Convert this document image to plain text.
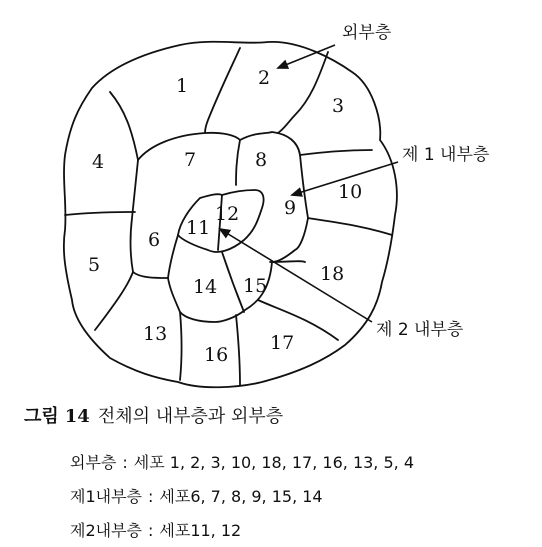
외부층
제 1 내부층
제 2 내부층
1	2
3
4
5
6
7	8
9
10
11
12
13
14 15
16
17
18
그림 14 전체의 내부층과 외부층
외부층 : 세포 1, 2, 3, 10, 18, 17, 16, 13, 5, 4
제1내부층 : 세포6, 7, 8, 9, 15, 14
제2내부층 : 세포11, 12
